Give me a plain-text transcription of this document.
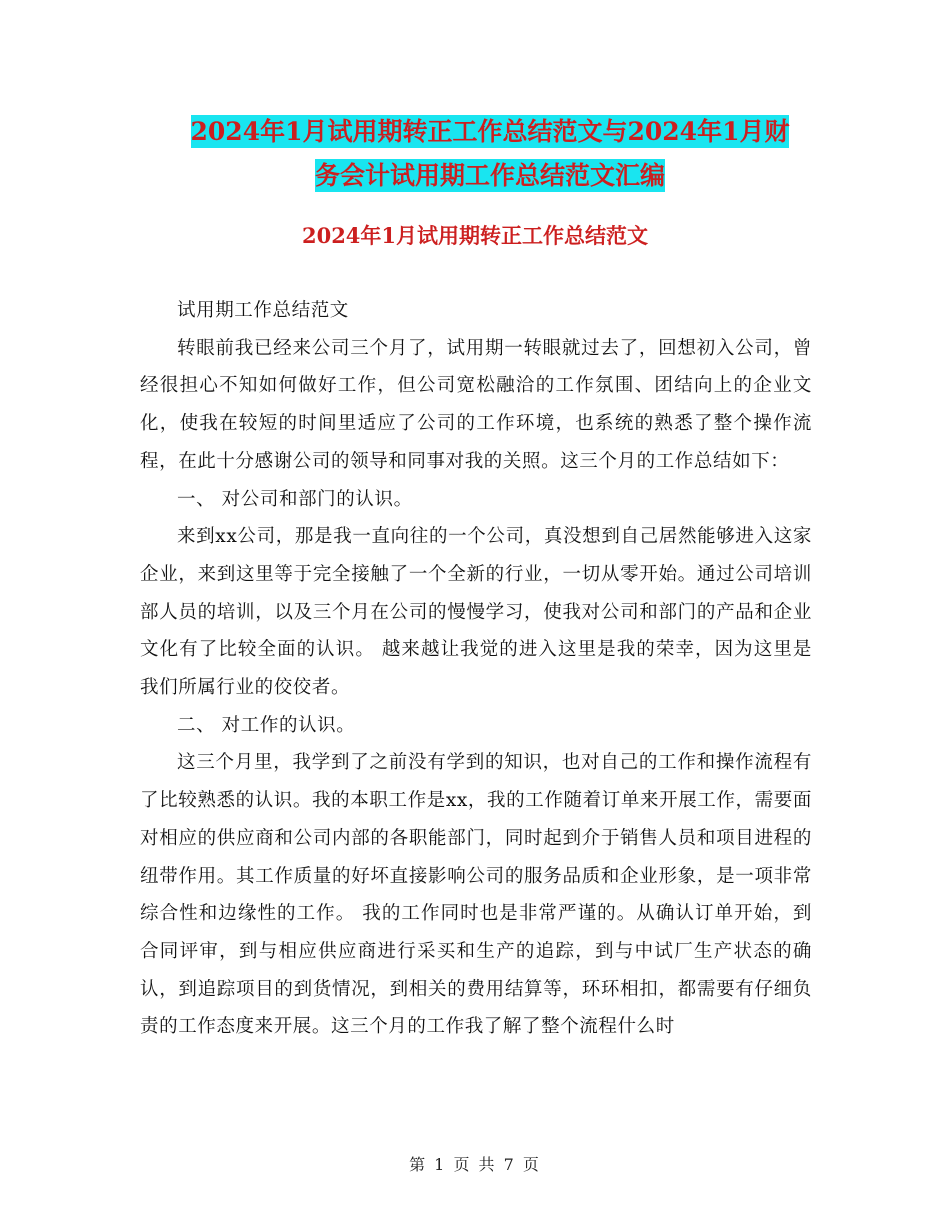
2024年1月试用期转正工作总结范文与2024年1月财
务会计试用期工作总结范文汇编
2024年1月试用期转正工作总结范文

试用期工作总结范文

转眼前我已经来公司三个月了，试用期一转眼就过去了，回想初入公司，曾经很担心不知如何做好工作，但公司宽松融洽的工作氛围、团结向上的企业文化，使我在较短的时间里适应了公司的工作环境，也系统的熟悉了整个操作流程，在此十分感谢公司的领导和同事对我的关照。这三个月的工作总结如下：

一、 对公司和部门的认识。

来到xx公司，那是我一直向往的一个公司，真没想到自己居然能够进入这家企业，来到这里等于完全接触了一个全新的行业，一切从零开始。通过公司培训部人员的培训，以及三个月在公司的慢慢学习，使我对公司和部门的产品和企业文化有了比较全面的认识。 越来越让我觉的进入这里是我的荣幸，因为这里是我们所属行业的佼佼者。

二、 对工作的认识。

这三个月里，我学到了之前没有学到的知识，也对自己的工作和操作流程有了比较熟悉的认识。我的本职工作是xx，我的工作随着订单来开展工作，需要面对相应的供应商和公司内部的各职能部门，同时起到介于销售人员和项目进程的纽带作用。其工作质量的好坏直接影响公司的服务品质和企业形象，是一项非常综合性和边缘性的工作。 我的工作同时也是非常严谨的。从确认订单开始，到合同评审，到与相应供应商进行采买和生产的追踪，到与中试厂生产状态的确认，到追踪项目的到货情况，到相关的费用结算等，环环相扣，都需要有仔细负责的工作态度来开展。这三个月的工作我了解了整个流程什么时

第 1 页 共 7 页
